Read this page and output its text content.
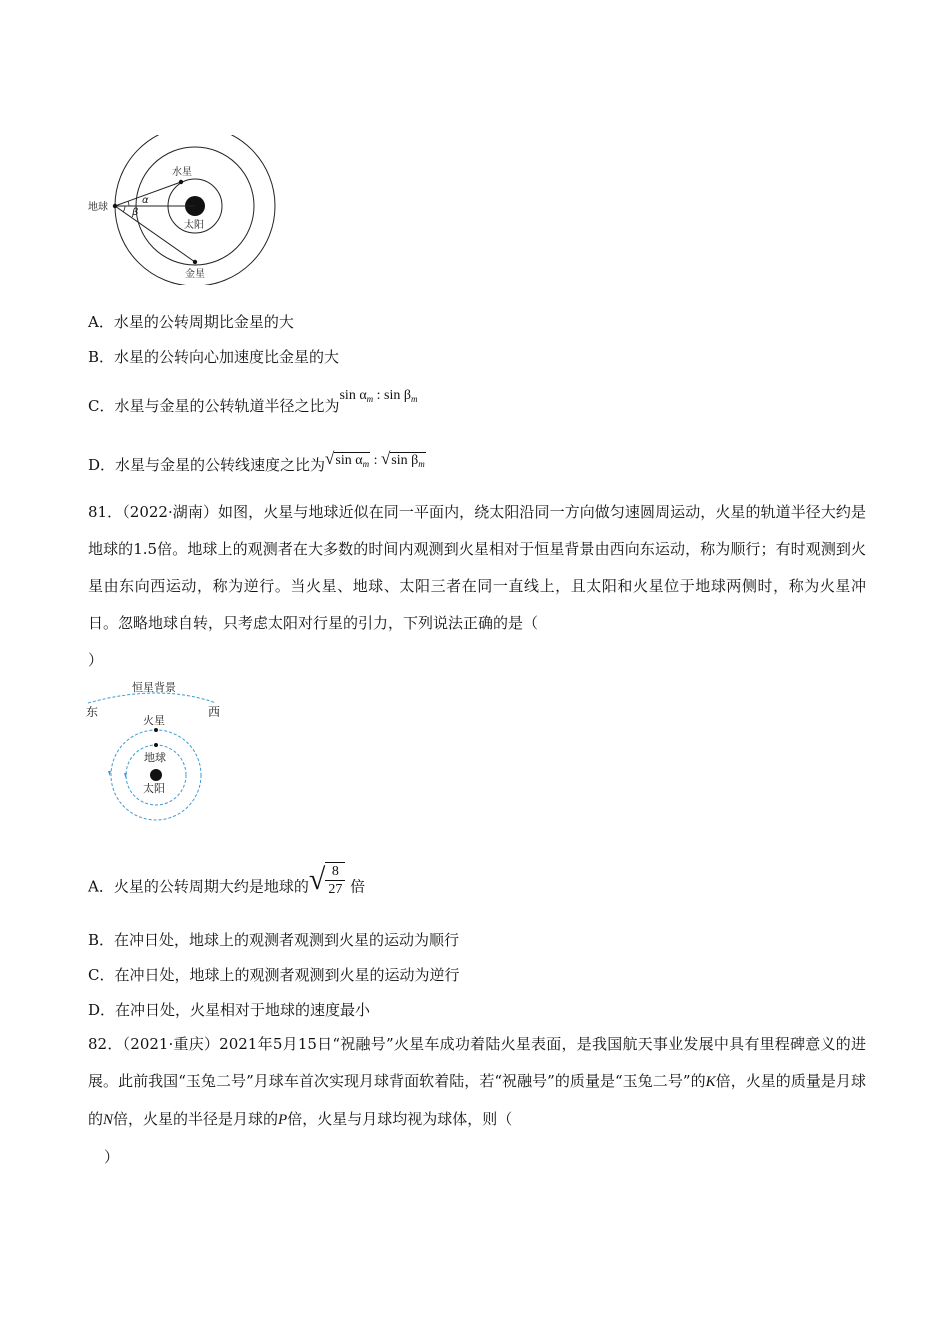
地球
水星
金星
太阳
α
β
A．水星的公转周期比金星的大
B．水星的公转向心加速度比金星的大
C．水星与金星的公转轨道半径之比为$\sin \alpha_m$ : $\sin \beta_m$
D．水星与金星的公转线速度之比为√sin $\alpha_m$ : √sin $\beta_m$
81．（2022·湖南）如图，火星与地球近似在同一平面内，绕太阳沿同一方向做匀速圆周运动，火星的轨道半径大约是地球的1.5倍。地球上的观测者在大多数的时间内观测到火星相对于恒星背景由西向东运动，称为顺行；有时观测到火星由东向西运动，称为逆行。当火星、地球、太阳三者在同一直线上，且太阳和火星位于地球两侧时，称为火星冲日。忽略地球自转，只考虑太阳对行星的引力，下列说法正确的是（
）
恒星背景
东	西
火星
地球
太阳
A．火星的公转周期大约是地球的√ $\frac{8}{27}$ 倍
B．在冲日处，地球上的观测者观测到火星的运动为顺行
C．在冲日处，地球上的观测者观测到火星的运动为逆行
D．在冲日处，火星相对于地球的速度最小
82．（2021·重庆）2021年5月15日“祝融号”火星车成功着陆火星表面，是我国航天事业发展中具有里程碑意义的进展。此前我国“玉兔二号”月球车首次实现月球背面软着陆，若“祝融号”的质量是“玉兔二号”的K倍，火星的质量是月球的N倍，火星的半径是月球的P倍，火星与月球均视为球体，则（
）
